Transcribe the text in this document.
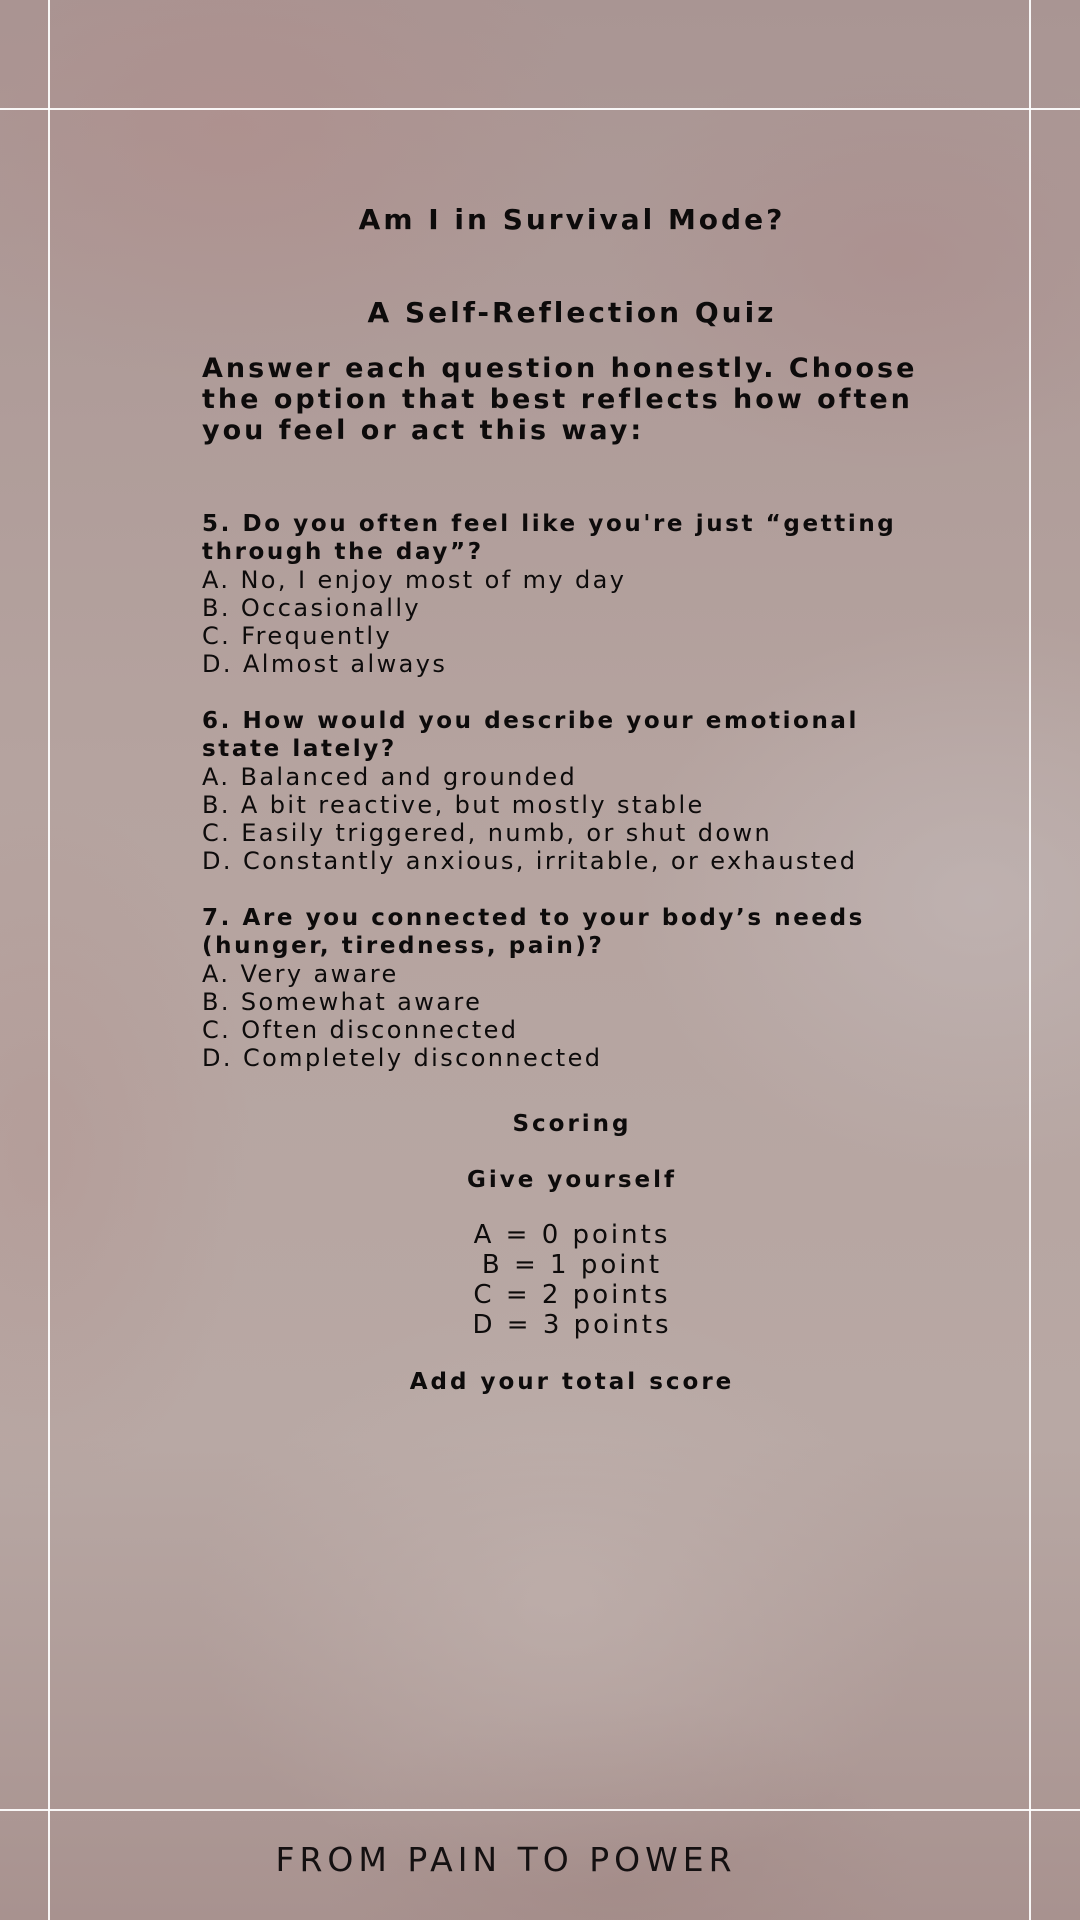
Am I in Survival Mode?
A Self-Reflection Quiz
Answer each question honestly. Choose the option that best reflects how often you feel or act this way:
5. Do you often feel like you're just “getting through the day”?
A. No, I enjoy most of my day
B. Occasionally
C. Frequently
D. Almost always
6. How would you describe your emotional state lately?
A. Balanced and grounded
B. A bit reactive, but mostly stable
C. Easily triggered, numb, or shut down
D. Constantly anxious, irritable, or exhausted
7. Are you connected to your body’s needs (hunger, tiredness, pain)?
A. Very aware
B. Somewhat aware
C. Often disconnected
D. Completely disconnected
Scoring
Give yourself
A = 0 points
B = 1 point
C = 2 points
D = 3 points
Add your total score
FROM PAIN TO POWER
